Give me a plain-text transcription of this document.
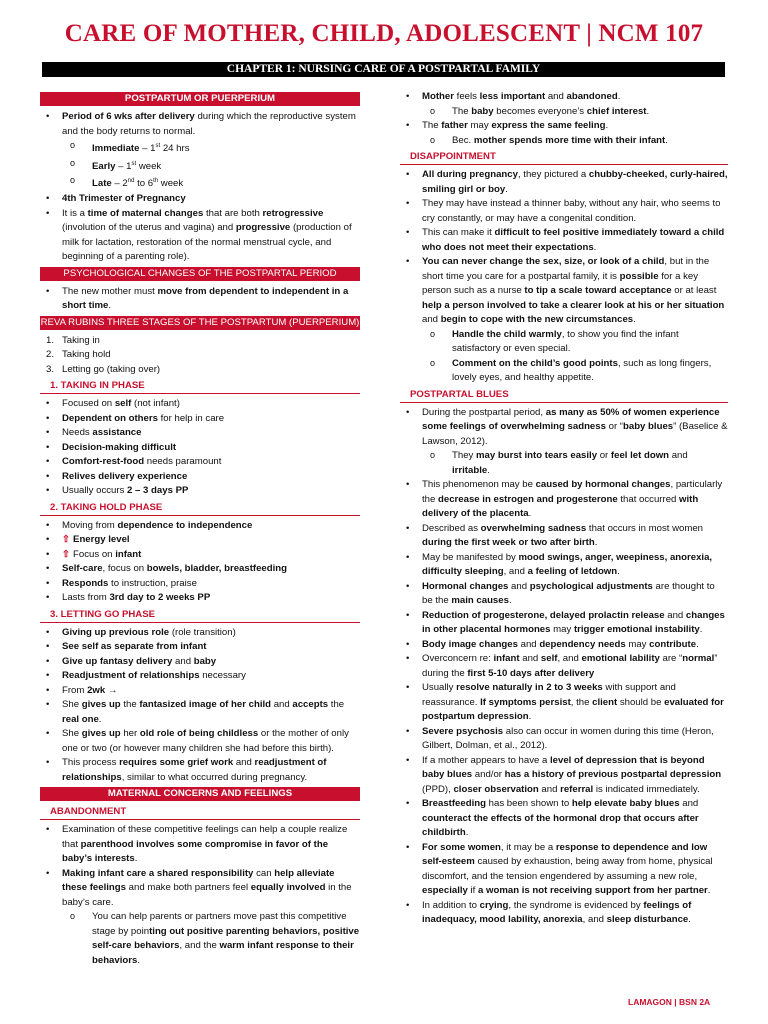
CARE OF MOTHER, CHILD, ADOLESCENT | NCM 107
CHAPTER 1: NURSING CARE OF A POSTPARTAL FAMILY
POSTPARTUM OR PUERPERIUM
• Period of 6 wks after delivery during which the reproductive system and the body returns to normal.
o Immediate – 1st 24 hrs
o Early – 1st week
o Late – 2nd to 6th week
• 4th Trimester of Pregnancy
• It is a time of maternal changes that are both retrogressive (involution of the uterus and vagina) and progressive (production of milk for lactation, restoration of the normal menstrual cycle, and beginning of a parenting role).
PSYCHOLOGICAL CHANGES OF THE POSTPARTAL PERIOD
• The new mother must move from dependent to independent in a short time.
REVA RUBINS THREE STAGES OF THE POSTPARTUM (PUERPERIUM)
1. Taking in
2. Taking hold
3. Letting go (taking over)
1. TAKING IN PHASE
• Focused on self (not infant)
• Dependent on others for help in care
• Needs assistance
• Decision-making difficult
• Comfort-rest-food needs paramount
• Relives delivery experience
• Usually occurs 2 – 3 days PP
2. TAKING HOLD PHASE
• Moving from dependence to independence
• ⇧ Energy level
• ⇧ Focus on infant
• Self-care, focus on bowels, bladder, breastfeeding
• Responds to instruction, praise
• Lasts from 3rd day to 2 weeks PP
3. LETTING GO PHASE
• Giving up previous role (role transition)
• See self as separate from infant
• Give up fantasy delivery and baby
• Readjustment of relationships necessary
• From 2wk →
• She gives up the fantasized image of her child and accepts the real one.
• She gives up her old role of being childless or the mother of only one or two (or however many children she had before this birth).
• This process requires some grief work and readjustment of relationships, similar to what occurred during pregnancy.
MATERNAL CONCERNS AND FEELINGS
ABANDONMENT
• Examination of these competitive feelings can help a couple realize that parenthood involves some compromise in favor of the baby’s interests.
• Making infant care a shared responsibility can help alleviate these feelings and make both partners feel equally involved in the baby’s care.
o You can help parents or partners move past this competitive stage by pointing out positive parenting behaviors, positive self-care behaviors, and the warm infant response to their behaviors.
• Mother feels less important and abandoned.
o The baby becomes everyone’s chief interest.
• The father may express the same feeling.
o Bec. mother spends more time with their infant.
DISAPPOINTMENT
• All during pregnancy, they pictured a chubby-cheeked, curly-haired, smiling girl or boy.
• They may have instead a thinner baby, without any hair, who seems to cry constantly, or may have a congenital condition.
• This can make it difficult to feel positive immediately toward a child who does not meet their expectations.
• You can never change the sex, size, or look of a child, but in the short time you care for a postpartal family, it is possible for a key person such as a nurse to tip a scale toward acceptance or at least help a person involved to take a clearer look at his or her situation and begin to cope with the new circumstances.
o Handle the child warmly, to show you find the infant satisfactory or even special.
o Comment on the child’s good points, such as long fingers, lovely eyes, and healthy appetite.
POSTPARTAL BLUES
• During the postpartal period, as many as 50% of women experience some feelings of overwhelming sadness or “baby blues” (Baselice & Lawson, 2012).
o They may burst into tears easily or feel let down and irritable.
• This phenomenon may be caused by hormonal changes, particularly the decrease in estrogen and progesterone that occurred with delivery of the placenta.
• Described as overwhelming sadness that occurs in most women during the first week or two after birth.
• May be manifested by mood swings, anger, weepiness, anorexia, difficulty sleeping, and a feeling of letdown.
• Hormonal changes and psychological adjustments are thought to be the main causes.
• Reduction of progesterone, delayed prolactin release and changes in other placental hormones may trigger emotional instability.
• Body image changes and dependency needs may contribute.
• Overconcern re: infant and self, and emotional lability are “normal” during the first 5-10 days after delivery
• Usually resolve naturally in 2 to 3 weeks with support and reassurance. If symptoms persist, the client should be evaluated for postpartum depression.
• Severe psychosis also can occur in women during this time (Heron, Gilbert, Dolman, et al., 2012).
• If a mother appears to have a level of depression that is beyond baby blues and/or has a history of previous postpartal depression (PPD), closer observation and referral is indicated immediately.
• Breastfeeding has been shown to help elevate baby blues and counteract the effects of the hormonal drop that occurs after childbirth.
• For some women, it may be a response to dependence and low self-esteem caused by exhaustion, being away from home, physical discomfort, and the tension engendered by assuming a new role, especially if a woman is not receiving support from her partner.
• In addition to crying, the syndrome is evidenced by feelings of inadequacy, mood lability, anorexia, and sleep disturbance.
LAMAGON | BSN 2A
